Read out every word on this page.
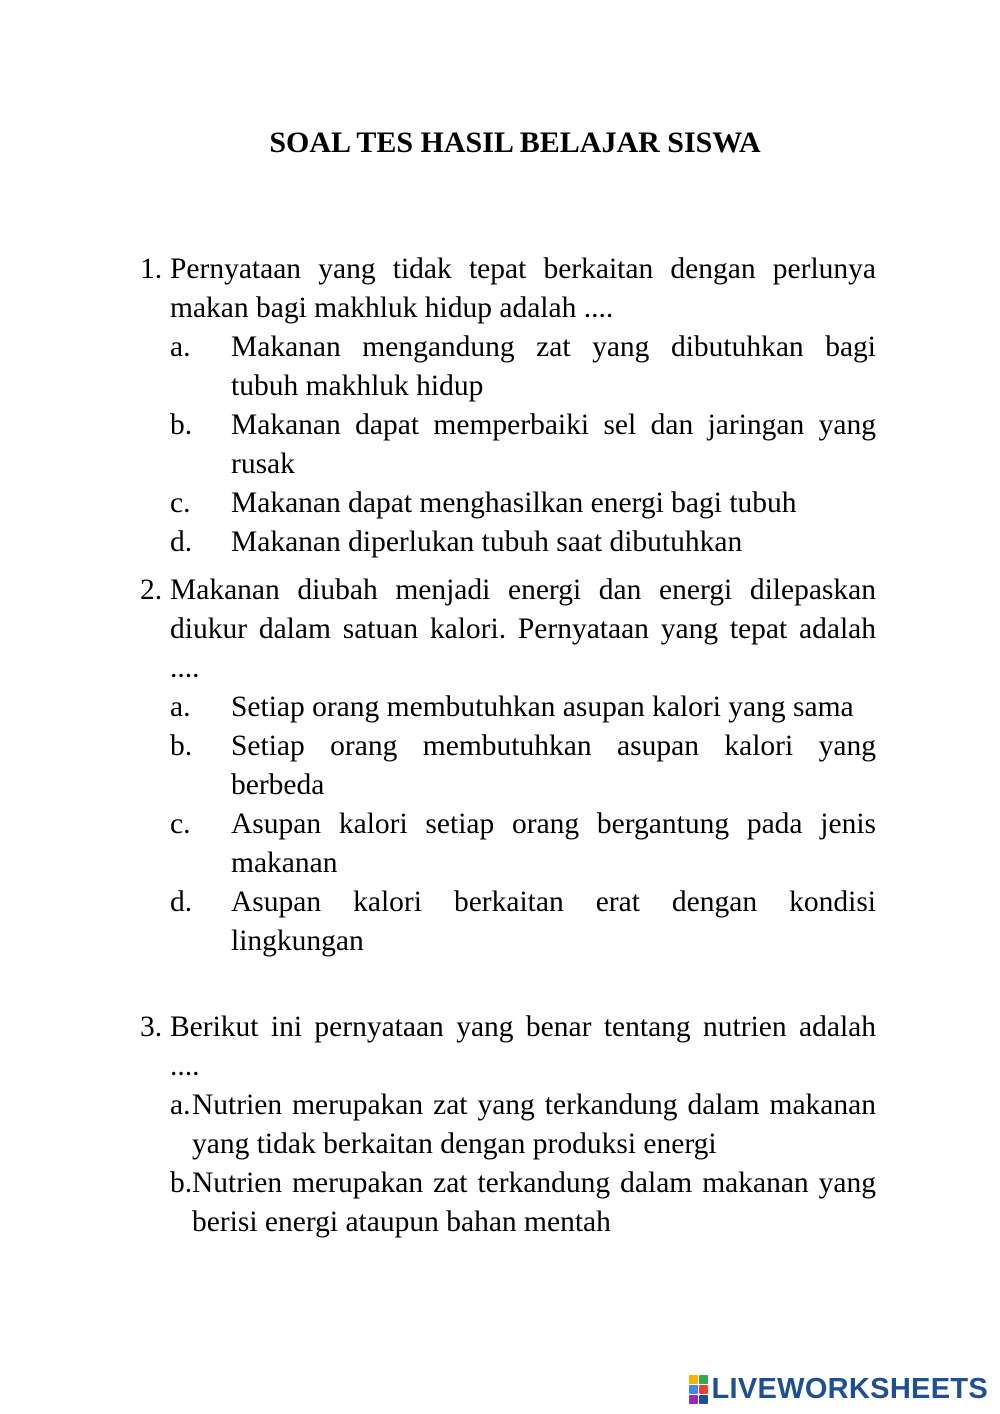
SOAL TES HASIL BELAJAR SISWA
1. Pernyataan yang tidak tepat berkaitan dengan perlunya makan bagi makhluk hidup adalah ....
a.	Makanan mengandung zat yang dibutuhkan bagi tubuh makhluk hidup
b.	Makanan dapat memperbaiki sel dan jaringan yang rusak
c.	Makanan dapat menghasilkan energi bagi tubuh
d.	Makanan diperlukan tubuh saat dibutuhkan
2. Makanan diubah menjadi energi dan energi dilepaskan diukur dalam satuan kalori. Pernyataan yang tepat adalah ....
a.	Setiap orang membutuhkan asupan kalori yang sama
b.	Setiap orang membutuhkan asupan kalori yang berbeda
c.	Asupan kalori setiap orang bergantung pada jenis makanan
d.	Asupan kalori berkaitan erat dengan kondisi lingkungan
3. Berikut ini pernyataan yang benar tentang nutrien adalah ....
a. Nutrien merupakan zat yang terkandung dalam makanan yang tidak berkaitan dengan produksi energi
b. Nutrien merupakan zat terkandung dalam makanan yang berisi energi ataupun bahan mentah
LIVEWORKSHEETS
